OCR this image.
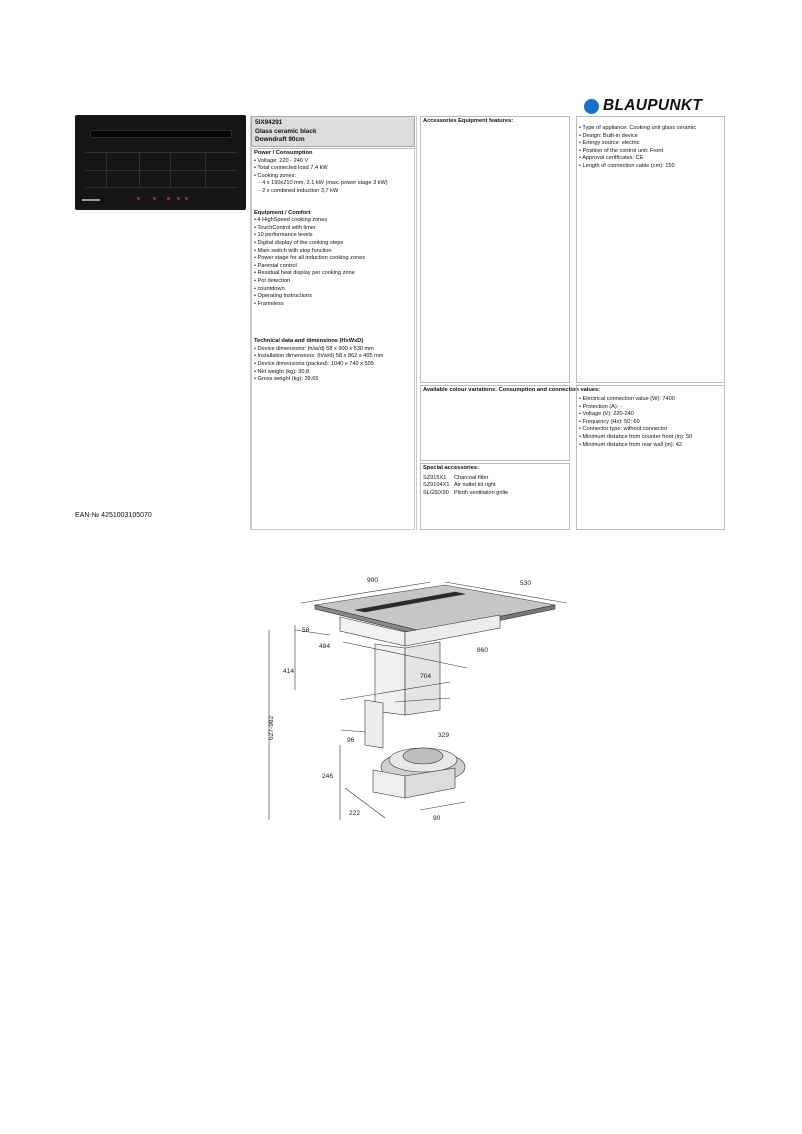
BLAUPUNKT
5IX94291
Glass ceramic black
Downdraft 90cm
Power / Consumption
• Voltage: 220 - 240 V
• Total connected load 7,4 kW
• Cooking zones:
- 4 x 190x210 mm, 2.1 kW (max. power stage 3 kW)
- 2 x combined induction 3,7 kW
Equipment / Comfort
• 4 HighSpeed cooking zones
• TouchControl with timer
• 10 performance levels
• Digital display of the cooking steps
• Main switch with stop function
• Power stage for all induction cooking zones
• Parental control
• Residual heat display per cooking zone
• Pot detection
• countdown
• Operating instructions
• Frameless
Technical data and dimensions (HxWxD)
• Device dimensions: (h/w/d) 58 x 900 x 530 mm
• Installation dimensions: (h/w/d) 58 x 862 x 495 mm
• Device dimensions (packed): 1040 x 740 x 505
• Net weight (kg): 30,8
• Gross weight (kg): 39,65
Accessories Equipment features:
• Type of appliance: Cooking unit glass ceramic
• Design: Built-in device
• Energy source: electric
• Position of the control unit: Front
• Approval certificates: CE
• Length of connection cable (cm): 150
Available colour variations: Consumption and connection values:
• Electrical connection value (W): 7400
• Protection (A): -
• Voltage (V): 220-240
• Frequency (Hz): 50; 60
• Connector type: without connector
• Minimum distance from counter front (in): 50
• Minimum distance from rear wall (in): 42
Special accessories:
SZ915X1	Charcoal filter
SZ9104X1 Air outlet kit right
SLG5IX90 Plinth ventilation grille
EAN-№ 4251003105070
900	530
58
484
860
414
704
627-982
96
329
246
222
90
